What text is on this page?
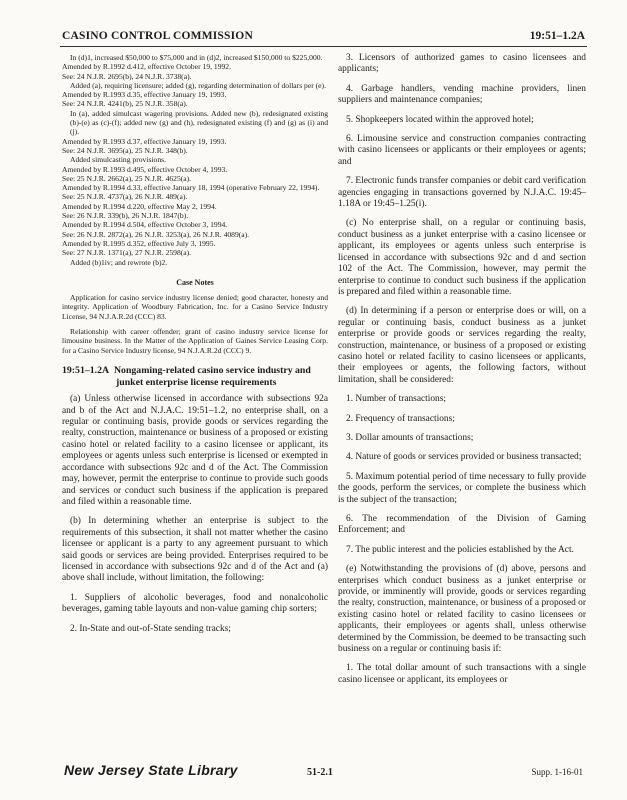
CASINO CONTROL COMMISSION	19:51–1.2A

In (d)1, increased $50,000 to $75,000 and in (d)2, increased $150,000 to $225,000.

Amended by R.1992 d.412, effective October 19, 1992.

See: 24 N.J.R. 2695(b), 24 N.J.R. 3738(a).

Added (a), requiring licensure; added (g), regarding determination of dollars per (e).

Amended by R.1993 d.35, effective January 19, 1993.

See: 24 N.J.R. 4241(b), 25 N.J.R. 358(a).

In (a), added simulcast wagering provisions. Added new (b), redesignated existing (b)-(e) as (c)-(f); added new (g) and (h), redesignated existing (f) and (g) as (i) and (j).

Amended by R.1993 d.37, effective January 19, 1993.

See: 24 N.J.R. 3695(a), 25 N.J.R. 348(b).

Added simulcasting provisions.

Amended by R.1993 d.495, effective October 4, 1993.

See: 25 N.J.R. 2662(a), 25 N.J.R. 4625(a).

Amended by R.1994 d.33, effective January 18, 1994 (operative February 22, 1994).

See: 25 N.J.R. 4737(a), 26 N.J.R. 489(a).

Amended by R.1994 d.220, effective May 2, 1994.

See: 26 N.J.R. 339(b), 26 N.J.R. 1847(b).

Amended by R.1994 d.504, effective October 3, 1994.

See: 26 N.J.R. 2872(a), 26 N.J.R. 3253(a), 26 N.J.R. 4089(a).

Amended by R.1995 d.352, effective July 3, 1995.

See: 27 N.J.R. 1371(a), 27 N.J.R. 2598(a).

Added (b)1iv; and rewrote (b)2.

Case Notes

Application for casino service industry license denied; good character, honesty and integrity. Application of Woodbury Fabrication, Inc. for a Casino Service Industry License, 94 N.J.A.R.2d (CCC) 83.

Relationship with career offender; grant of casino industry service license for limousine business. In the Matter of the Application of Gaines Service Leasing Corp. for a Casino Service Industry license, 94 N.J.A.R.2d (CCC) 9.

19:51–1.2A Nongaming-related casino service industry and
junket enterprise license requirements

(a) Unless otherwise licensed in accordance with subsections 92a and b of the Act and N.J.A.C. 19:51–1.2, no enterprise shall, on a regular or continuing basis, provide goods or services regarding the realty, construction, maintenance or business of a proposed or existing casino hotel or related facility to a casino licensee or applicant, its employees or agents unless such enterprise is licensed or exempted in accordance with subsections 92c and d of the Act. The Commission may, however, permit the enterprise to continue to provide such goods and services or conduct such business if the application is prepared and filed within a reasonable time.

(b) In determining whether an enterprise is subject to the requirements of this subsection, it shall not matter whether the casino licensee or applicant is a party to any agreement pursuant to which said goods or services are being provided. Enterprises required to be licensed in accordance with subsections 92c and d of the Act and (a) above shall include, without limitation, the following:

1. Suppliers of alcoholic beverages, food and nonalcoholic beverages, gaming table layouts and non-value gaming chip sorters;

2. In-State and out-of-State sending tracks;

3. Licensors of authorized games to casino licensees and applicants;

4. Garbage handlers, vending machine providers, linen suppliers and maintenance companies;

5. Shopkeepers located within the approved hotel;

6. Limousine service and construction companies contracting with casino licensees or applicants or their employees or agents; and

7. Electronic funds transfer companies or debit card verification agencies engaging in transactions governed by N.J.A.C. 19:45–1.18A or 19:45–1.25(i).

(c) No enterprise shall, on a regular or continuing basis, conduct business as a junket enterprise with a casino licensee or applicant, its employees or agents unless such enterprise is licensed in accordance with subsections 92c and d and section 102 of the Act. The Commission, however, may permit the enterprise to continue to conduct such business if the application is prepared and filed within a reasonable time.

(d) In determining if a person or enterprise does or will, on a regular or continuing basis, conduct business as a junket enterprise or provide goods or services regarding the realty, construction, maintenance, or business of a proposed or existing casino hotel or related facility to casino licensees or applicants, their employees or agents, the following factors, without limitation, shall be considered:

1. Number of transactions;

2. Frequency of transactions;

3. Dollar amounts of transactions;

4. Nature of goods or services provided or business transacted;

5. Maximum potential period of time necessary to fully provide the goods, perform the services, or complete the business which is the subject of the transaction;

6. The recommendation of the Division of Gaming Enforcement; and

7. The public interest and the policies established by the Act.

(e) Notwithstanding the provisions of (d) above, persons and enterprises which conduct business as a junket enterprise or provide, or imminently will provide, goods or services regarding the realty, construction, maintenance, or business of a proposed or existing casino hotel or related facility to casino licensees or applicants, their employees or agents shall, unless otherwise determined by the Commission, be deemed to be transacting such business on a regular or continuing basis if:

1. The total dollar amount of such transactions with a single casino licensee or applicant, its employees or

New Jersey State Library	51-2.1	Supp. 1-16-01
